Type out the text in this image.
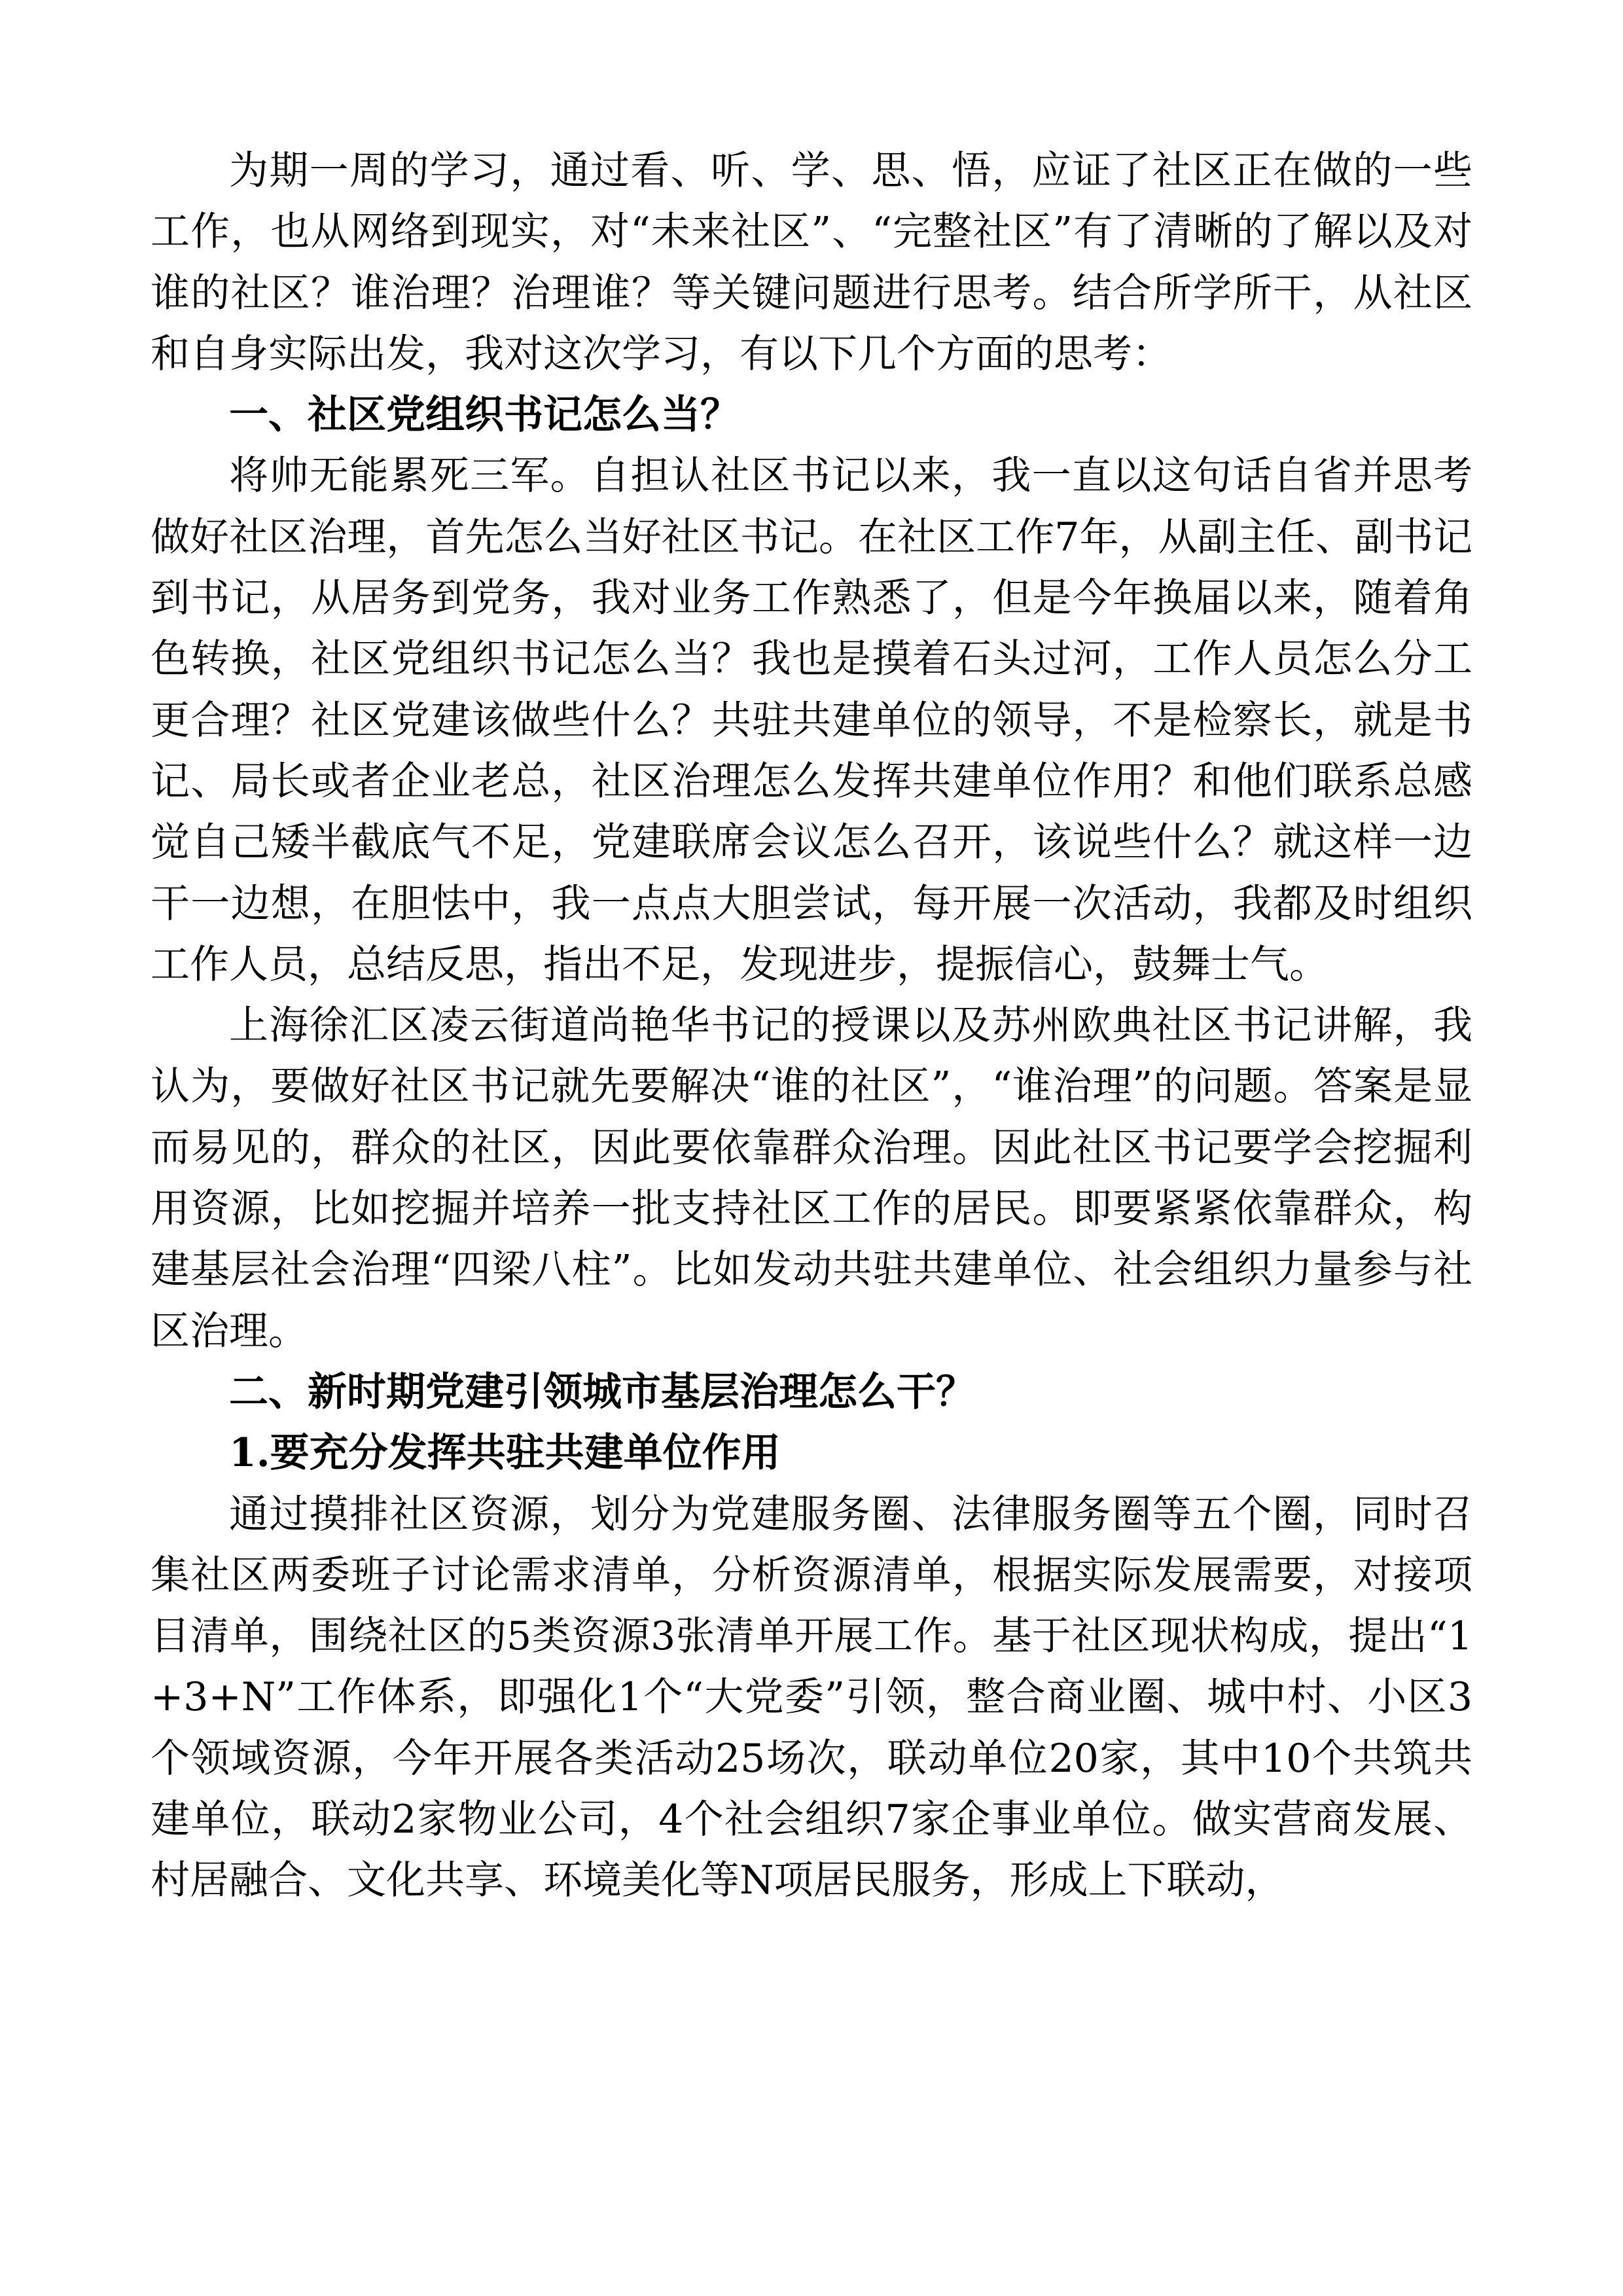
为期一周的学习，通过看、听、学、思、悟，应证了社区正在做的一些工作，也从网络到现实，对“未来社区”、“完整社区”有了清晰的了解以及对谁的社区？谁治理？治理谁？等关键问题进行思考。结合所学所干，从社区和自身实际出发，我对这次学习，有以下几个方面的思考：

一、社区党组织书记怎么当？

将帅无能累死三军。自担认社区书记以来，我一直以这句话自省并思考做好社区治理，首先怎么当好社区书记。在社区工作7年，从副主任、副书记到书记，从居务到党务，我对业务工作熟悉了，但是今年换届以来，随着角色转换，社区党组织书记怎么当？我也是摸着石头过河，工作人员怎么分工更合理？社区党建该做些什么？共驻共建单位的领导，不是检察长，就是书记、局长或者企业老总，社区治理怎么发挥共建单位作用？和他们联系总感觉自己矮半截底气不足，党建联席会议怎么召开，该说些什么？就这样一边干一边想，在胆怯中，我一点点大胆尝试，每开展一次活动，我都及时组织工作人员，总结反思，指出不足，发现进步，提振信心，鼓舞士气。

上海徐汇区凌云街道尚艳华书记的授课以及苏州欧典社区书记讲解，我认为，要做好社区书记就先要解决“谁的社区”，“谁治理”的问题。答案是显而易见的，群众的社区，因此要依靠群众治理。因此社区书记要学会挖掘利用资源，比如挖掘并培养一批支持社区工作的居民。即要紧紧依靠群众，构建基层社会治理“四梁八柱”。比如发动共驻共建单位、社会组织力量参与社区治理。

二、新时期党建引领城市基层治理怎么干？

1.要充分发挥共驻共建单位作用

通过摸排社区资源，划分为党建服务圈、法律服务圈等五个圈，同时召集社区两委班子讨论需求清单，分析资源清单，根据实际发展需要，对接项目清单，围绕社区的5类资源3张清单开展工作。基于社区现状构成，提出“1+3+N”工作体系，即强化1个“大党委”引领，整合商业圈、城中村、小区3个领域资源，今年开展各类活动25场次，联动单位20家，其中10个共筑共建单位，联动2家物业公司，4个社会组织7家企事业单位。做实营商发展、村居融合、文化共享、环境美化等N项居民服务，形成上下联动，
